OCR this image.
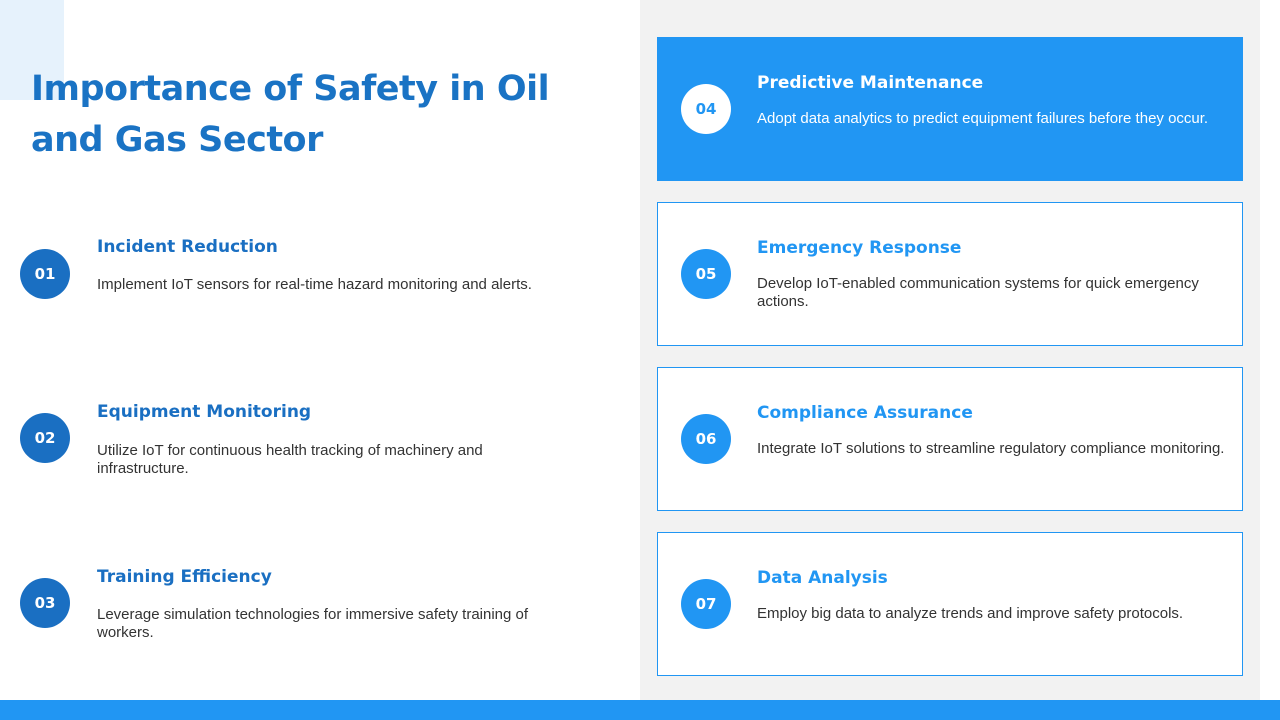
Importance of Safety in Oil and Gas Sector
01
Incident Reduction

Implement IoT sensors for real-time hazard monitoring and alerts.

02
Equipment Monitoring

Utilize IoT for continuous health tracking of machinery and infrastructure.

03
Training Efficiency

Leverage simulation technologies for immersive safety training of workers.

04
Predictive Maintenance

Adopt data analytics to predict equipment failures before they occur.

05
Emergency Response

Develop IoT-enabled communication systems for quick emergency actions.

06
Compliance Assurance

Integrate IoT solutions to streamline regulatory compliance monitoring.

07
Data Analysis

Employ big data to analyze trends and improve safety protocols.
